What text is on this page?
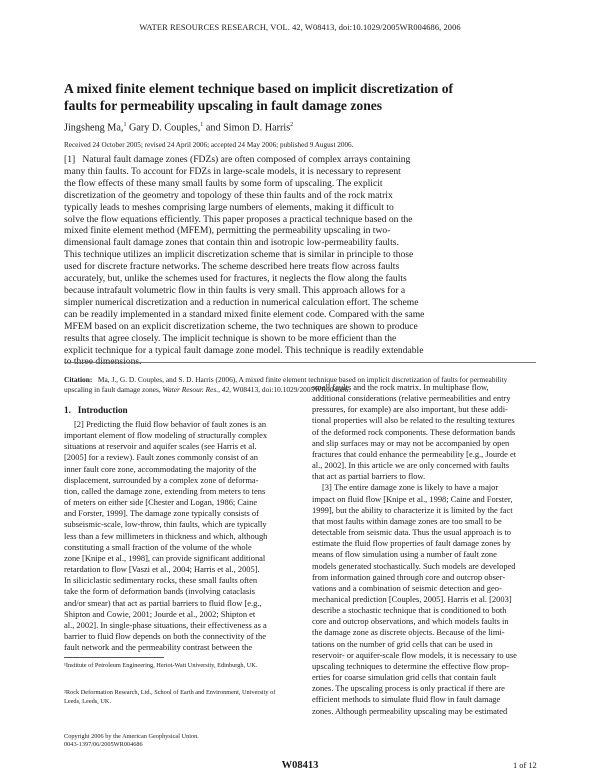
WATER RESOURCES RESEARCH, VOL. 42, W08413, doi:10.1029/2005WR004686, 2006
A mixed finite element technique based on implicit discretization of faults for permeability upscaling in fault damage zones
Jingsheng Ma,$^1$ Gary D. Couples,$^1$ and Simon D. Harris$^2$
Received 24 October 2005; revised 24 April 2006; accepted 24 May 2006; published 9 August 2006.
[1] Natural fault damage zones (FDZs) are often composed of complex arrays containing
many thin faults. To account for FDZs in large-scale models, it is necessary to represent
the flow effects of these many small faults by some form of upscaling. The explicit
discretization of the geometry and topology of these thin faults and of the rock matrix
typically leads to meshes comprising large numbers of elements, making it difficult to
solve the flow equations efficiently. This paper proposes a practical technique based on the
mixed finite element method (MFEM), permitting the permeability upscaling in two-
dimensional fault damage zones that contain thin and isotropic low-permeability faults.
This technique utilizes an implicit discretization scheme that is similar in principle to those
used for discrete fracture networks. The scheme described here treats flow across faults
accurately, but, unlike the schemes used for fractures, it neglects the flow along the faults
because intrafault volumetric flow in thin faults is very small. This approach allows for a
simpler numerical discretization and a reduction in numerical calculation effort. The scheme
can be readily implemented in a standard mixed finite element code. Compared with the same
MFEM based on an explicit discretization scheme, the two techniques are shown to produce
results that agree closely. The implicit technique is shown to be more efficient than the
explicit technique for a typical fault damage zone model. This technique is readily extendable
to three dimensions.
Citation: Ma, J., G. D. Couples, and S. D. Harris (2006), A mixed finite element technique based on implicit discretization of faults for permeability upscaling in fault damage zones, Water Resour. Res., 42, W08413, doi:10.1029/2005WR004686.
1. Introduction
[2] Predicting the fluid flow behavior of fault zones is an
important element of flow modeling of structurally complex
situations at reservoir and aquifer scales (see Harris et al.
[2005] for a review). Fault zones commonly consist of an
inner fault core zone, accommodating the majority of the
displacement, surrounded by a complex zone of deforma-
tion, called the damage zone, extending from meters to tens
of meters on either side [Chester and Logan, 1986; Caine
and Forster, 1999]. The damage zone typically consists of
subseismic-scale, low-throw, thin faults, which are typically
less than a few millimeters in thickness and which, although
constituting a small fraction of the volume of the whole
zone [Knipe et al., 1998], can provide significant additional
retardation to flow [Vaszi et al., 2004; Harris et al., 2005].
In siliciclastic sedimentary rocks, these small faults often
take the form of deformation bands (involving cataclasis
and/or smear) that act as partial barriers to fluid flow [e.g.,
Shipton and Cowie, 2001; Jourde et al., 2002; Shipton et
al., 2002]. In single-phase situations, their effectiveness as a
barrier to fluid flow depends on both the connectivity of the
fault network and the permeability contrast between the
¹Institute of Petroleum Engineering, Heriot-Watt University, Edinburgh, UK.
²Rock Deformation Research, Ltd., School of Earth and Environment, University of Leeds, Leeds, UK.
Copyright 2006 by the American Geophysical Union.
0043-1397/06/2005WR004686
small faults and the rock matrix. In multiphase flow,
additional considerations (relative permeabilities and entry
pressures, for example) are also important, but these addi-
tional properties will also be related to the resulting textures
of the deformed rock components. These deformation bands
and slip surfaces may or may not be accompanied by open
fractures that could enhance the permeability [e.g., Jourde et
al., 2002]. In this article we are only concerned with faults
that act as partial barriers to flow.
[3] The entire damage zone is likely to have a major
impact on fluid flow [Knipe et al., 1998; Caine and Forster,
1999], but the ability to characterize it is limited by the fact
that most faults within damage zones are too small to be
detectable from seismic data. Thus the usual approach is to
estimate the fluid flow properties of fault damage zones by
means of flow simulation using a number of fault zone
models generated stochastically. Such models are developed
from information gained through core and outcrop obser-
vations and a combination of seismic detection and geo-
mechanical prediction [Couples, 2005]. Harris et al. [2003]
describe a stochastic technique that is conditioned to both
core and outcrop observations, and which models faults in
the damage zone as discrete objects. Because of the limi-
tations on the number of grid cells that can be used in
reservoir- or aquifer-scale flow models, it is necessary to use
upscaling techniques to determine the effective flow prop-
erties for coarse simulation grid cells that contain fault
zones. The upscaling process is only practical if there are
efficient methods to simulate fluid flow in fault damage
zones. Although permeability upscaling may be estimated
W08413	1 of 12
